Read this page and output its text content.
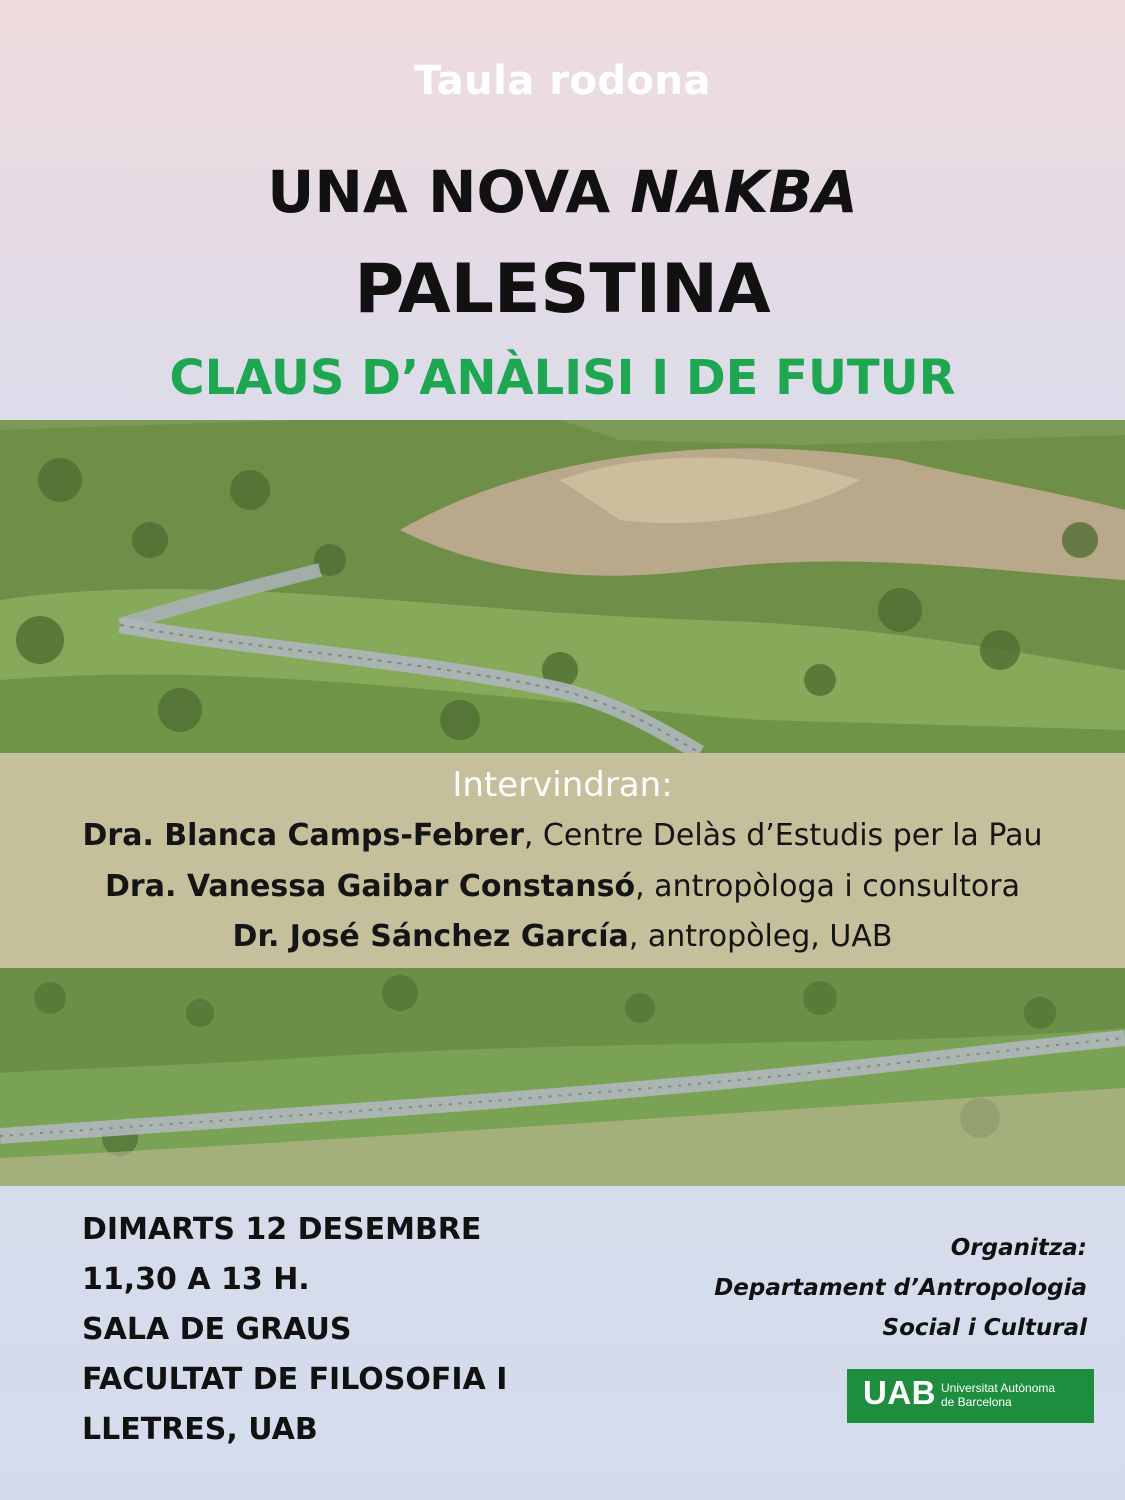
Taula rodona
UNA NOVA NAKBA
PALESTINA
CLAUS D’ANÀLISI I DE FUTUR
Intervindran:
Dra. Blanca Camps-Febrer, Centre Delàs d’Estudis per la Pau
Dra. Vanessa Gaibar Constansó, antropòloga i consultora
Dr. José Sánchez García, antropòleg, UAB
DIMARTS 12 DESEMBRE
11,30 A 13 H.
SALA DE GRAUS
FACULTAT DE FILOSOFIA I
LLETRES, UAB
Organitza:
Departament d’Antropologia
Social i Cultural
UAB Universitat Autònoma
de Barcelona
